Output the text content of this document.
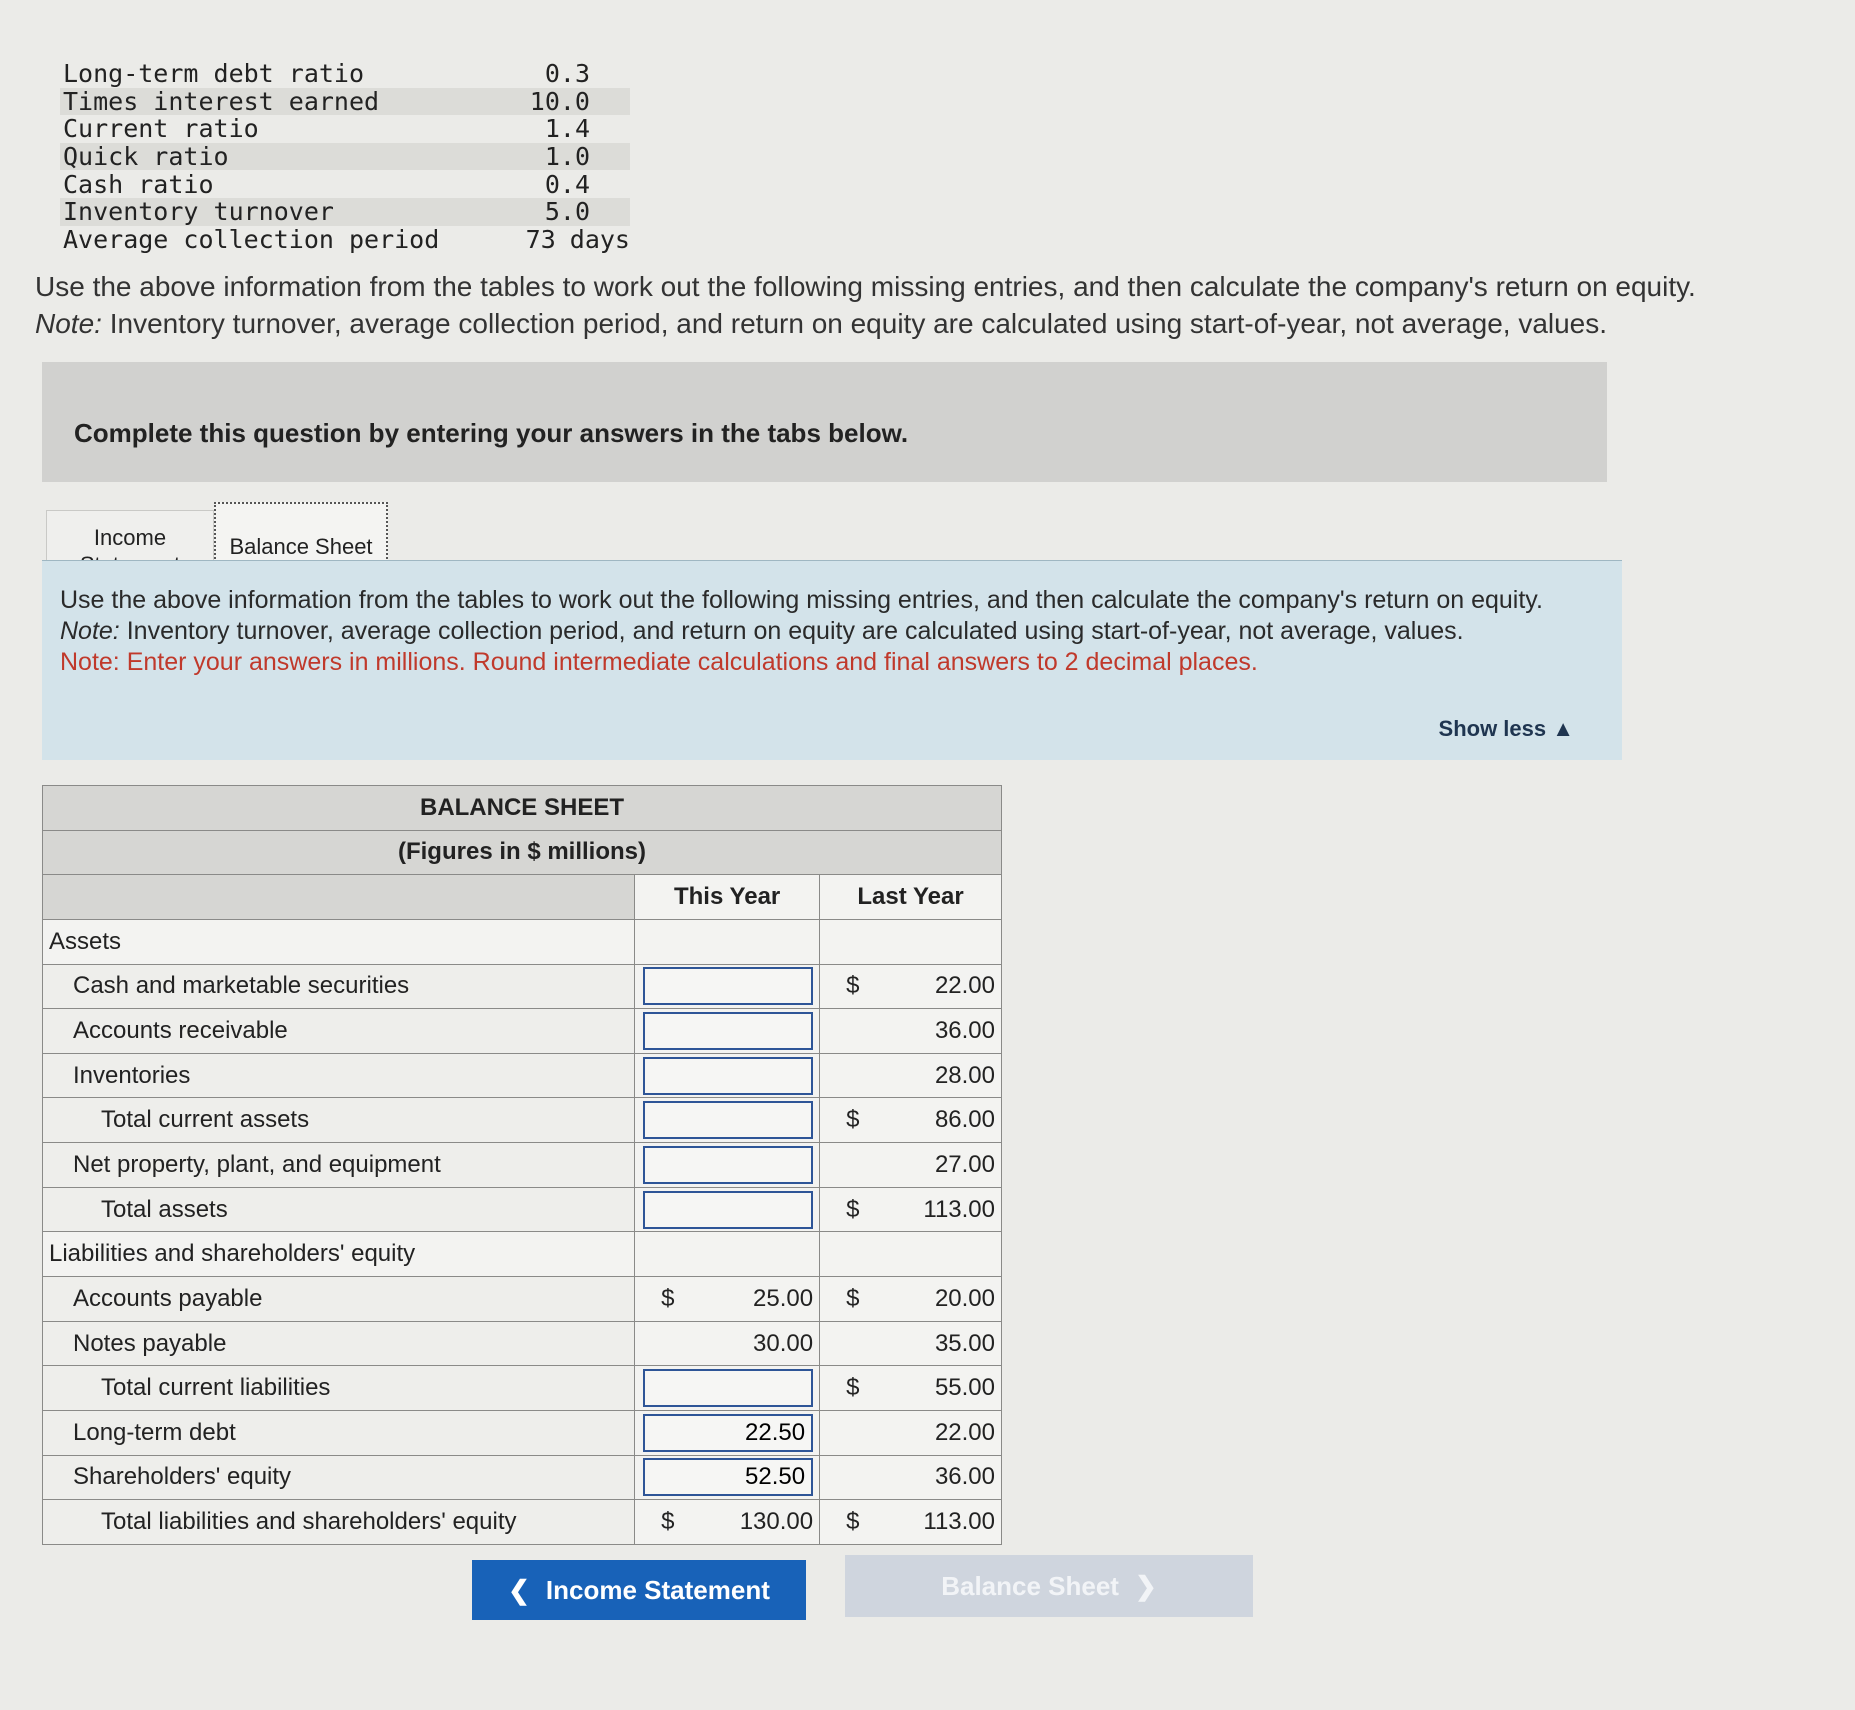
Long-term debt ratio	0.3
Times interest earned	10.0
Current ratio	1.4
Quick ratio	1.0
Cash ratio	0.4
Inventory turnover	5.0
Average collection period	73 days

Use the above information from the tables to work out the following missing entries, and then calculate the company's return on equity. Note: Inventory turnover, average collection period, and return on equity are calculated using start-of-year, not average, values.

Complete this question by entering your answers in the tabs below.
Income	Balance Sheet
Use the above information from the tables to work out the following missing entries, and then calculate the company's return on equity. Note: Inventory turnover, average collection period, and return on equity are calculated using start-of-year, not average, values.
Note: Enter your answers in millions. Round intermediate calculations and final answers to 2 decimal places.
Show less ▲
BALANCE SHEET		
(Figures in $ millions)		
	This Year	Last Year
Assets		
Cash and marketable securities		$ 22.00
Accounts receivable		36.00
Inventories		28.00
Total current assets		$ 86.00
Net property, plant, and equipment		27.00
Total assets		$ 113.00
Liabilities and shareholders' equity		
Accounts payable	$ 25.00	$ 20.00
Notes payable	30.00	35.00
Total current liabilities		$ 55.00
Long-term debt	22.50	22.00
Shareholders' equity	52.50	36.00
Total liabilities and shareholders' equity	$ 130.00	$ 113.00
❮ Income Statement	Balance Sheet ❯
